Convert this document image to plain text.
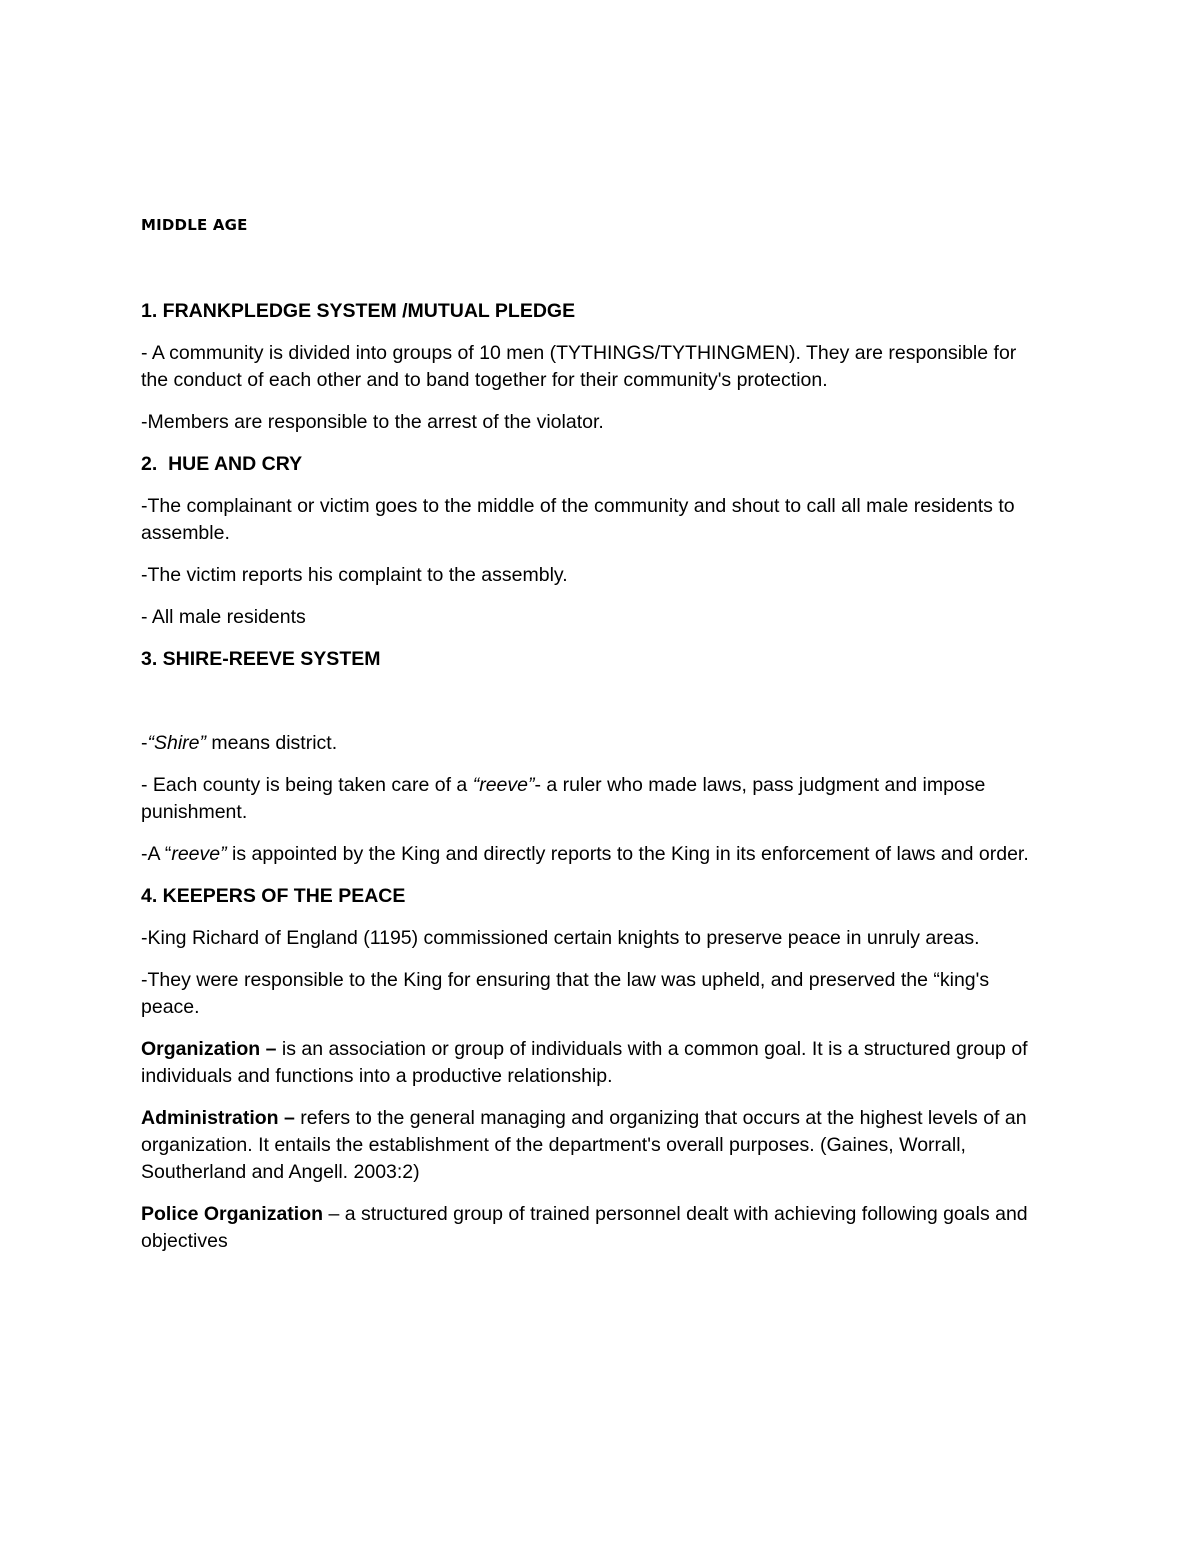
MIDDLE AGE
1. FRANKPLEDGE SYSTEM /MUTUAL PLEDGE
- A community is divided into groups of 10 men (TYTHINGS/TYTHINGMEN). They are responsible for the conduct of each other and to band together for their community's protection.
-Members are responsible to the arrest of the violator.
2.  HUE AND CRY
-The complainant or victim goes to the middle of the community and shout to call all male residents to assemble.
-The victim reports his complaint to the assembly.
- All male residents
3. SHIRE-REEVE SYSTEM
-“Shire” means district.
- Each county is being taken care of a “reeve”- a ruler who made laws, pass judgment and impose punishment.
-A “reeve” is appointed by the King and directly reports to the King in its enforcement of laws and order.
4. KEEPERS OF THE PEACE
-King Richard of England (1195) commissioned certain knights to preserve peace in unruly areas.
-They were responsible to the King for ensuring that the law was upheld, and preserved the “king's peace.
Organization – is an association or group of individuals with a common goal. It is a structured group of individuals and functions into a productive relationship.
Administration – refers to the general managing and organizing that occurs at the highest levels of an organization. It entails the establishment of the department's overall purposes. (Gaines, Worrall, Southerland and Angell. 2003:2)
Police Organization – a structured group of trained personnel dealt with achieving following goals and objectives
